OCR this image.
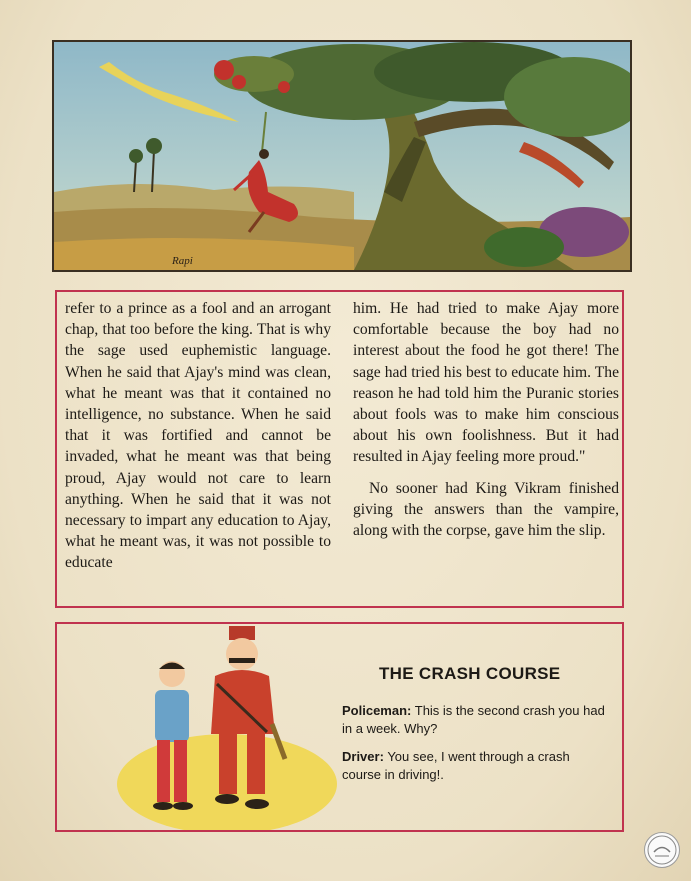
Rapi

refer to a prince as a fool and an arrogant chap, that too before the king. That is why the sage used euphemistic language. When he said that Ajay's mind was clean, what he meant was that it contained no intelligence, no substance. When he said that it was fortified and cannot be invaded, what he meant was that being proud, Ajay would not care to learn anything. When he said that it was not necessary to impart any education to Ajay, what he meant was, it was not possible to educate

him. He had tried to make Ajay more comfortable because the boy had no interest about the food he got there! The sage had tried his best to educate him. The reason he had told him the Puranic stories about fools was to make him conscious about his own foolishness. But it had resulted in Ajay feeling more proud."

No sooner had King Vikram finished giving the answers than the vampire, along with the corpse, gave him the slip.

THE CRASH COURSE
Policeman: This is the second crash you had in a week. Why?
Driver: You see, I went through a crash course in driving!.
